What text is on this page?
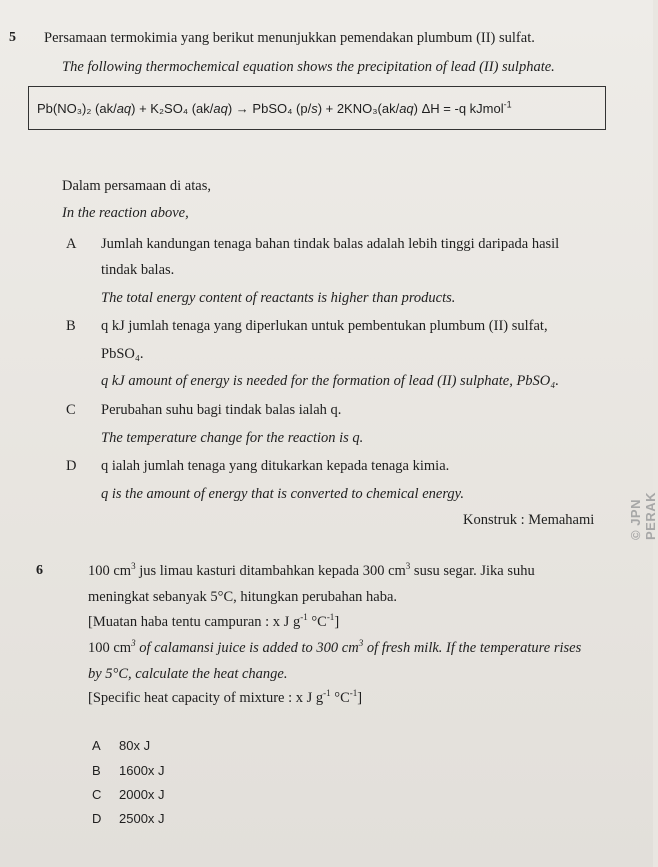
5 Persamaan termokimia yang berikut menunjukkan pemendakan plumbum (II) sulfat.
The following thermochemical equation shows the precipitation of lead (II) sulphate.
Pb(NO₃)₂ (ak/aq) + K₂SO₄ (ak/aq) → PbSO₄ (p/s) + 2KNO₃(ak/aq) ΔH = -q kJmol$^{-1}$
Dalam persamaan di atas,
In the reaction above,
A Jumlah kandungan tenaga bahan tindak balas adalah lebih tinggi daripada hasil
tindak balas.
The total energy content of reactants is higher than products.
B q kJ jumlah tenaga yang diperlukan untuk pembentukan plumbum (II) sulfat,
PbSO₄.
q kJ amount of energy is needed for the formation of lead (II) sulphate, PbSO₄.
C Perubahan suhu bagi tindak balas ialah q.
The temperature change for the reaction is q.
D q ialah jumlah tenaga yang ditukarkan kepada tenaga kimia.
q is the amount of energy that is converted to chemical energy.
Konstruk : Memahami	© JPN PERAK
6	100 $cm^3$ jus limau kasturi ditambahkan kepada 300 $cm^3$ susu segar. Jika suhu
meningkat sebanyak 5°C, hitungkan perubahan haba.
[Muatan haba tentu campuran : x J $g^{-1}$ $^\circ C^{-1}$]
100 $cm^3$ of calamansi juice is added to 300 $cm^3$ of fresh milk. If the temperature rises
by 5°C, calculate the heat change.
[Specific heat capacity of mixture : x J $g^{-1}$ $^\circ C^{-1}$]
A 80x J
B 1600x J
C 2000x J
D 2500x J
